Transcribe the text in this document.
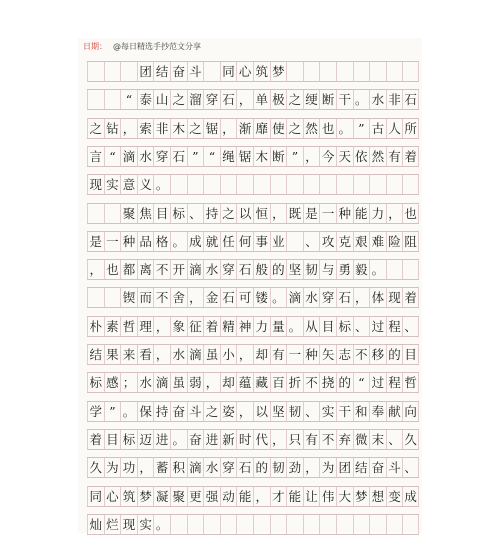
日期： @每日精选手抄范文分享
团 结 奋 斗 同 心 筑 梦
“ 泰 山 之 溜 穿 石 ， 单 极 之 绠 断 干 。 水 非 石
之 钻 ， 索 非 木 之 锯 ， 渐 靡 使 之 然 也 。 ” 古 人 所
言 “ 滴 水 穿 石 ” “ 绳 锯 木 断 ” ， 今 天 依 然 有 着
现 实 意 义 。
聚 焦 目 标 、 持 之 以 恒 ， 既 是 一 种 能 力 ， 也
是 一 种 品 格 。 成 就 任 何 事 业 、 攻 克 艰 难 险 阻
， 也 都 离 不 开 滴 水 穿 石 般 的 坚 韧 与 勇 毅 。
锲 而 不 舍 ， 金 石 可 镂 。 滴 水 穿 石 ， 体 现 着
朴 素 哲 理 ， 象 征 着 精 神 力 量 。 从 目 标 、 过 程 、
结 果 来 看 ， 水 滴 虽 小 ， 却 有 一 种 矢 志 不 移 的 目
标 感 ； 水 滴 虽 弱 ， 却 蕴 藏 百 折 不 挠 的 “ 过 程 哲
学 ” 。 保 持 奋 斗 之 姿 ， 以 坚 韧 、 实 干 和 奉 献 向
着 目 标 迈 进 。 奋 进 新 时 代 ， 只 有 不 弃 微 末 、 久
久 为 功 ， 蓄 积 滴 水 穿 石 的 韧 劲 ， 为 团 结 奋 斗 、
同 心 筑 梦 凝 聚 更 强 动 能 ， 才 能 让 伟 大 梦 想 变 成
灿 烂 现 实 。
